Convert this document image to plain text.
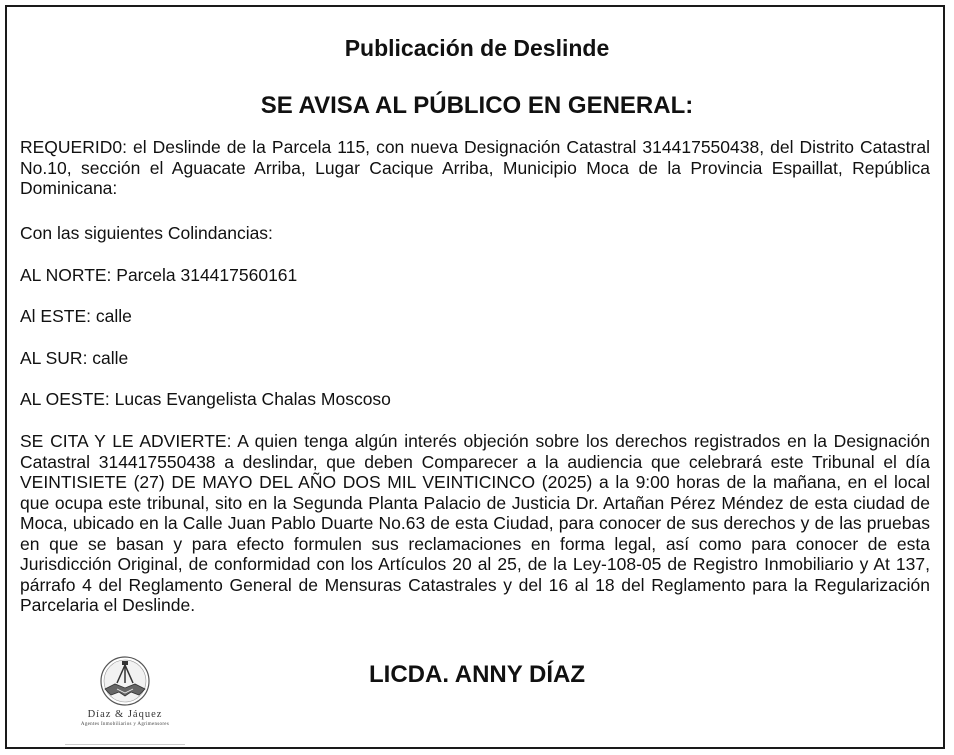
Publicación de Deslinde
SE AVISA AL PÚBLICO EN GENERAL:

REQUERID0: el Deslinde de la Parcela 115, con nueva Designación Catastral 314417550438, del Distrito Catastral No.10, sección el Aguacate Arriba, Lugar Cacique Arriba, Municipio Moca de la Provincia Espaillat, República Dominicana:

Con las siguientes Colindancias:

AL NORTE: Parcela 314417560161

Al ESTE: calle

AL SUR: calle

AL OESTE: Lucas Evangelista Chalas Moscoso

SE CITA Y LE ADVIERTE: A quien tenga algún interés objeción sobre los derechos registrados en la Designación Catastral 314417550438 a deslindar, que deben Comparecer a la audiencia que celebrará este Tribunal el día VEINTISIETE (27) DE MAYO DEL AÑO DOS MIL VEINTICINCO (2025) a la 9:00 horas de la mañana, en el local que ocupa este tribunal, sito en la Segunda Planta Palacio de Justicia Dr. Artañan Pérez Méndez de esta ciudad de Moca, ubicado en la Calle Juan Pablo Duarte No.63 de esta Ciudad, para conocer de sus derechos y de las pruebas en que se basan y para efecto formulen sus reclamaciones en forma legal, así como para conocer de esta Jurisdicción Original, de conformidad con los Artículos 20 al 25, de la Ley-108-05 de Registro Inmobiliario y At 137, párrafo 4 del Reglamento General de Mensuras Catastrales y del 16 al 18 del Reglamento para la Regularización Parcelaria el Deslinde.

Díaz & Jáquez
Agentes Inmobiliarios y Agrimensores
LICDA. ANNY DÍAZ
